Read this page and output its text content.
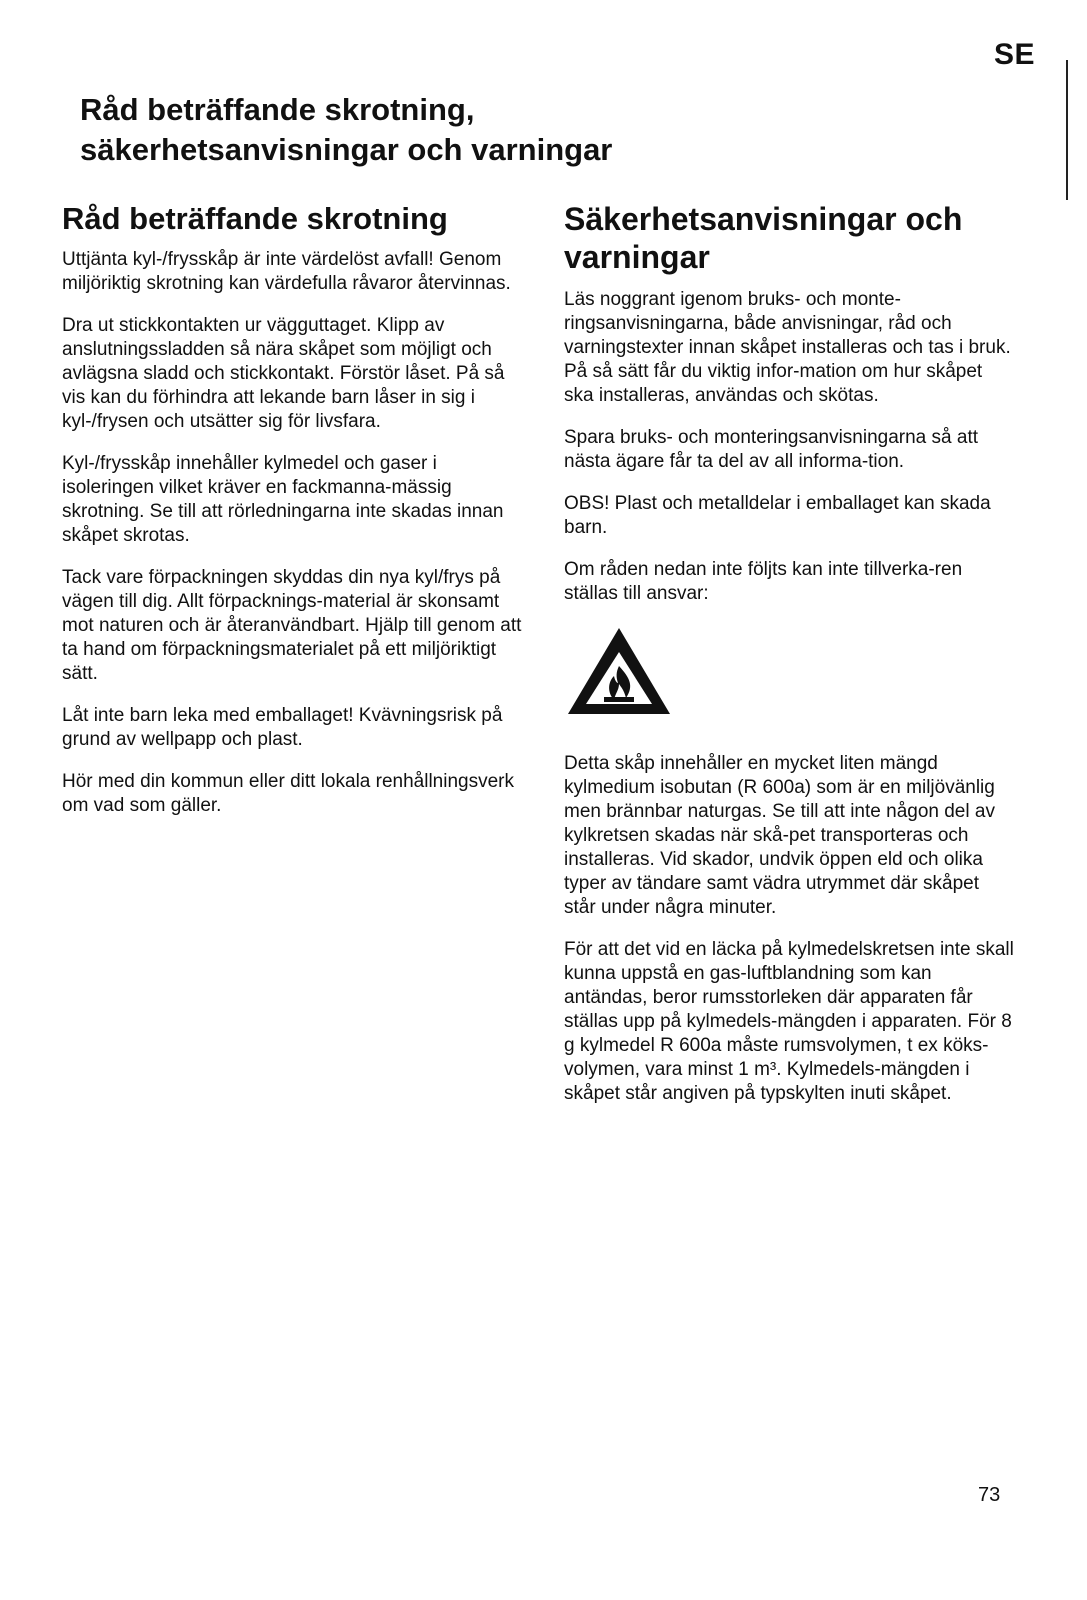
SE
Råd beträffande skrotning,
säkerhetsanvisningar och varningar
Råd beträffande skrotning

Uttjänta kyl-/frysskåp är inte värdelöst avfall! Genom miljöriktig skrotning kan värdefulla råvaror återvinnas.

Dra ut stickkontakten ur vägguttaget. Klipp av anslutningssladden så nära skåpet som möjligt och avlägsna sladd och stickkontakt. Förstör låset. På så vis kan du förhindra att lekande barn låser in sig i kyl-/frysen och utsätter sig för livsfara.

Kyl-/frysskåp innehåller kylmedel och gaser i isoleringen vilket kräver en fackmanna-mässig skrotning. Se till att rörledningarna inte skadas innan skåpet skrotas.

Tack vare förpackningen skyddas din nya kyl/frys på vägen till dig. Allt förpacknings-material är skonsamt mot naturen och är återanvändbart. Hjälp till genom att ta hand om förpackningsmaterialet på ett miljöriktigt sätt.

Låt inte barn leka med emballaget! Kvävningsrisk på grund av wellpapp och plast.

Hör med din kommun eller ditt lokala renhållningsverk om vad som gäller.

Säkerhetsanvisningar och varningar

Läs noggrant igenom bruks- och monte-ringsanvisningarna, både anvisningar, råd och varningstexter innan skåpet installeras och tas i bruk. På så sätt får du viktig infor-mation om hur skåpet ska installeras, användas och skötas.

Spara bruks- och monteringsanvisningarna så att nästa ägare får ta del av all informa-tion.

OBS! Plast och metalldelar i emballaget kan skada barn.

Om råden nedan inte följts kan inte tillverka-ren ställas till ansvar:

Detta skåp innehåller en mycket liten mängd kylmedium isobutan (R 600a) som är en miljövänlig men brännbar naturgas. Se till att inte någon del av kylkretsen skadas när skå-pet transporteras och installeras. Vid skador, undvik öppen eld och olika typer av tändare samt vädra utrymmet där skåpet står under några minuter.

För att det vid en läcka på kylmedelskretsen inte skall kunna uppstå en gas-luftblandning som kan antändas, beror rumsstorleken där apparaten får ställas upp på kylmedels-mängden i apparaten. För 8 g kylmedel R 600a måste rumsvolymen, t ex köks-volymen, vara minst 1 m³. Kylmedels-mängden i skåpet står angiven på typskylten inuti skåpet.

73
